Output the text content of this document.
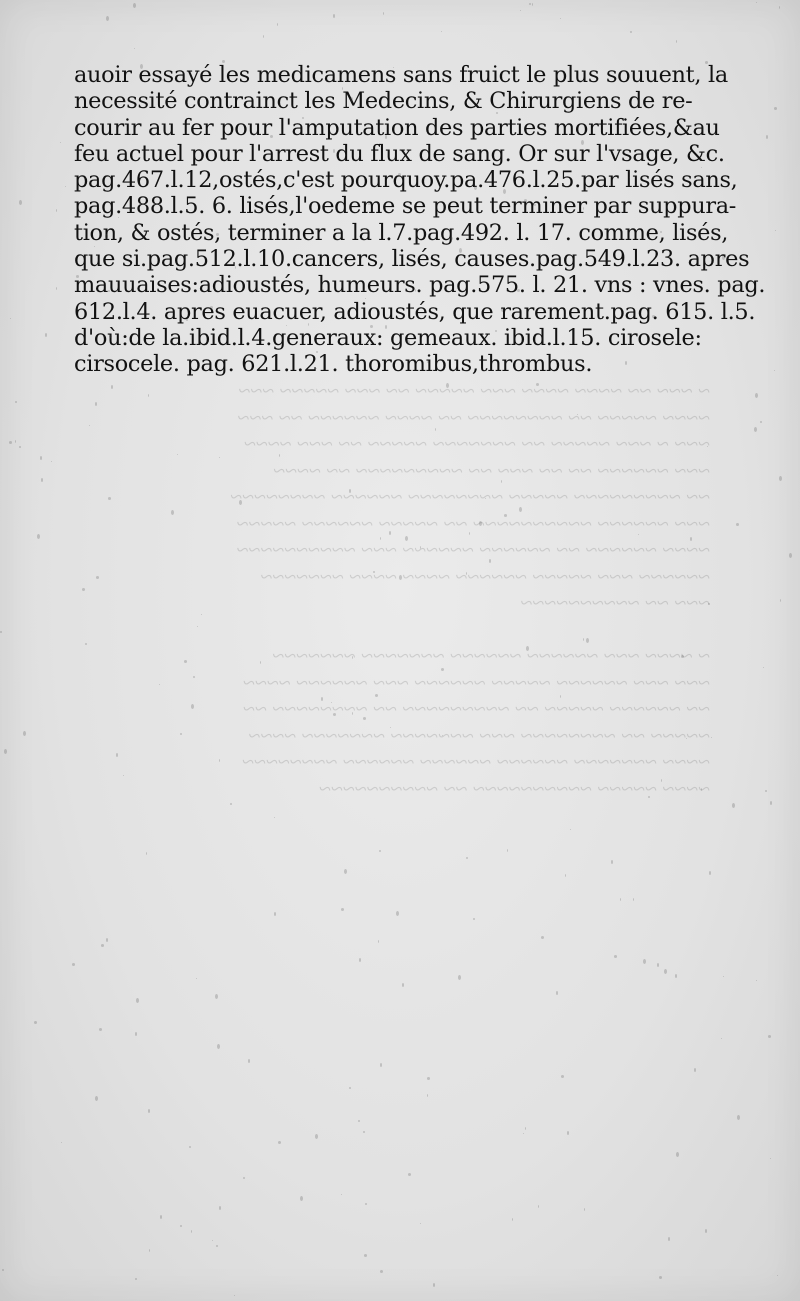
~ ~~~ ~~ ~~~~ ~~~~ ~~~ ~~~~~ ~~ ~~~ ~~~~~ ~~~
~~~~ ~~~~~ ~~ ~~~~~~~~ ~~ ~~~~ ~~~~~~ ~~ ~~~
~~~ ~ ~~~ ~~~~~ ~~ ~~~~~~~ ~~~~~ ~~ ~~~ ~~~~
~~~ ~~~~~~ ~~ ~~ ~~~ ~~ ~~~~~~~~~ ~~ ~~~~
~~ ~~~~~~~~~ ~~~~~ ~~~~~~~~ ~~~~~~ ~~~~~~~~
~~~ ~~~~~~ ~~~~~~~~~~ ~~ ~~~~~ ~~~~~~ ~~~~~
~~~~ ~~~~~~ ~~ ~~~~~~ ~~~~~~ ~~~ ~~~~~~~~~~
~~~~~~ ~~~ ~~~~~ ~~~~~~ ~~~~ ~~~~ ~~~~~~~
~~~ ~~ ~~~~~~~~~~

~ ~~~~ ~~~ ~~~~~~ ~~~~~~ ~~~~~~~ ~~~~~~~
~~~ ~~~ ~~~~~~ ~~~~~ ~~~~~~ ~~~ ~~~~~~ ~~~~
~~ ~~~~~~ ~~~~~ ~~ ~~~~~~~~~ ~~ ~~~~~~~~ ~~
~~~~~ ~~ ~~~~~~~~ ~~~ ~~~~~~~ ~~~~~~~ ~~~~
~~~~ ~~~~~~~ ~~~~~~ ~~~~~~ ~~~~~~ ~~~~~~~~
~~~~ ~~~~~ ~~~~~~~~~~ ~~ ~~~~~~~~~~
auoir essayé les medicamens sans fruict le plus souuent, la
necessité contrainct les Medecins, & Chirurgiens de re-
courir au fer pour l'amputation des parties mortifiées,&au
feu actuel pour l'arrest du flux de sang. Or sur l'vsage, &c.
pag.467.l.12,ostés,c'est pourquoy.pa.476.l.25.par lisés sans,
pag.488.l.5. 6. lisés,l'oedeme se peut terminer par suppura-
tion, & ostés, terminer a la l.7.pag.492. l. 17. comme, lisés,
que si.pag.512.l.10.cancers, lisés, causes.pag.549.l.23. apres
mauuaises:adioustés, humeurs. pag.575. l. 21. vns : vnes. pag.
612.l.4. apres euacuer, adioustés, que rarement.pag. 615. l.5.
d'où:de la.ibid.l.4.generaux: gemeaux. ibid.l.15. cirosele:
cirsocele. pag. 621.l.21. thoromibus,thrombus.
